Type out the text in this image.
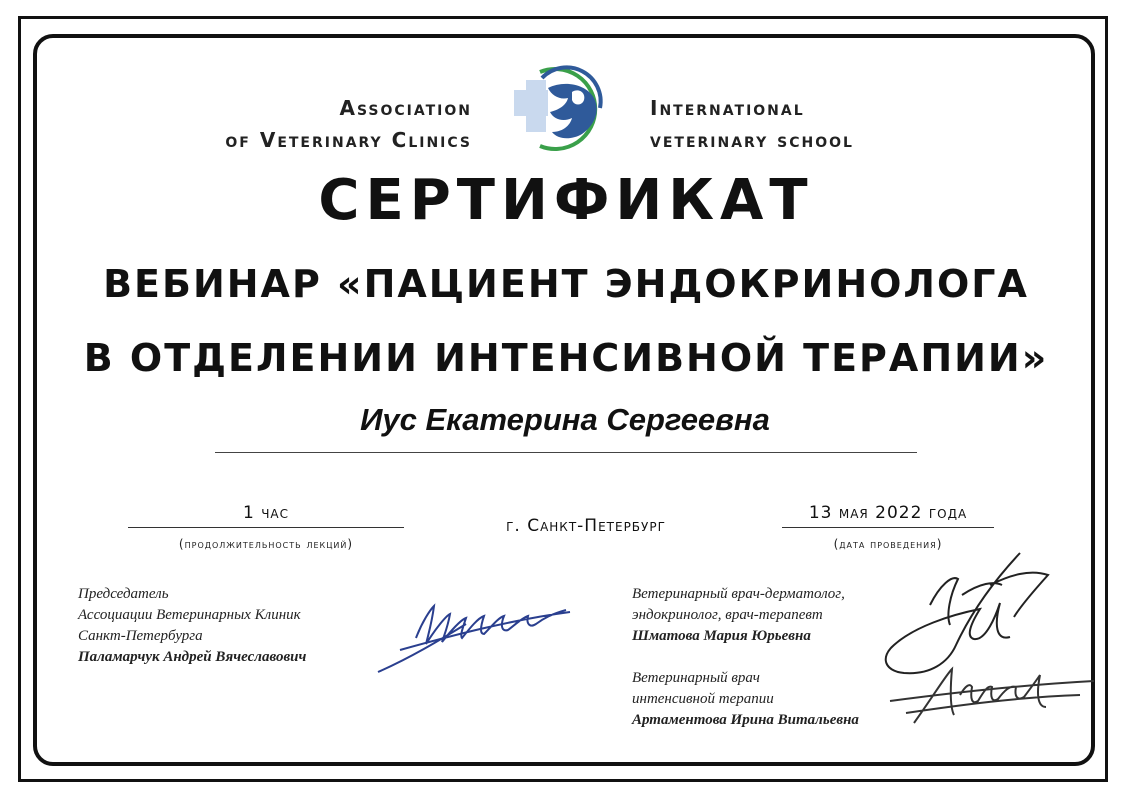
Association
of Veterinary Clinics
International
veterinary school
СЕРТИФИКАТ
ВЕБИНАР «ПАЦИЕНТ ЭНДОКРИНОЛОГА
В ОТДЕЛЕНИИ ИНТЕНСИВНОЙ ТЕРАПИИ»
Иус Екатерина Сергеевна
1 час
(продолжительность лекций)
г. Санкт-Петербург
13 мая 2022 года
(дата проведения)
Председатель
Ассоциации Ветеринарных Клиник
Санкт-Петербурга
Паламарчук Андрей Вячеславович
Ветеринарный врач-дерматолог,
эндокринолог, врач-терапевт
Шматова Мария Юрьевна
Ветеринарный врач
интенсивной терапии
Артаментова Ирина Витальевна
